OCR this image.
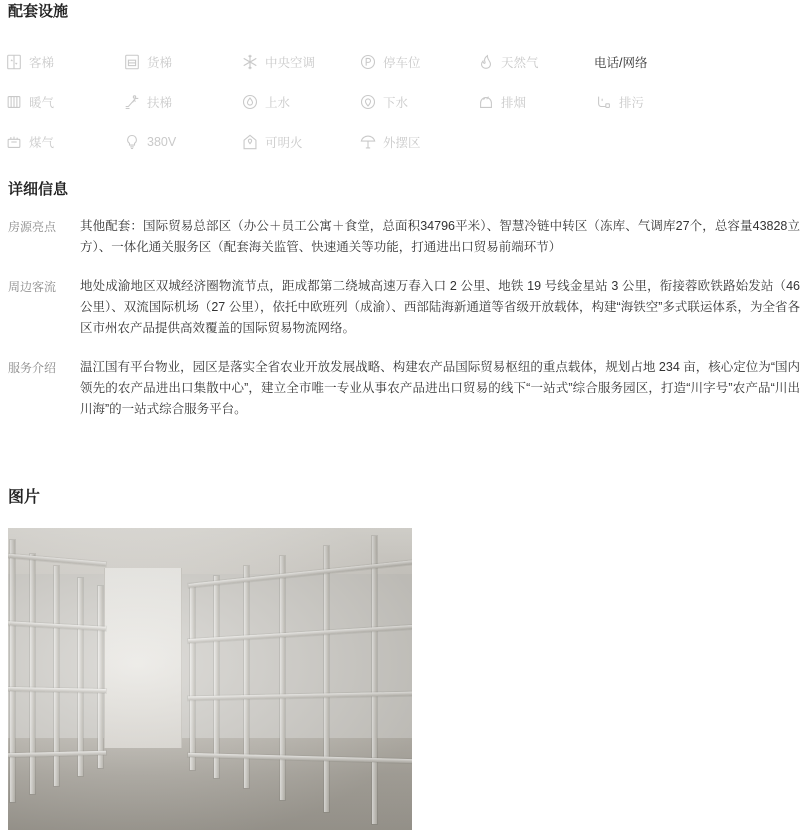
配套设施
客梯	货梯	中央空调	停车位	天然气	电话/网络
暖气	扶梯	上水	下水	排烟	排污
煤气	380V	可明火	外摆区
详细信息
房源亮点	其他配套：国际贸易总部区（办公＋员工公寓＋食堂，总面积34796平米）、智慧冷链中转区（冻库、气调库27个，总容量43828立方）、一体化通关服务区（配套海关监管、快速通关等功能，打通进出口贸易前端环节）
周边客流	地处成渝地区双城经济圈物流节点，距成都第二绕城高速万春入口 2 公里、地铁 19 号线金星站 3 公里，衔接蓉欧铁路始发站（46 公里）、双流国际机场（27 公里），依托中欧班列（成渝）、西部陆海新通道等省级开放载体，构建“海铁空”多式联运体系，为全省各区市州农产品提供高效覆盖的国际贸易物流网络。
服务介绍	温江国有平台物业，园区是落实全省农业开放发展战略、构建农产品国际贸易枢纽的重点载体，规划占地 234 亩，核心定位为“国内领先的农产品进出口集散中心”，建立全市唯一专业从事农产品进出口贸易的线下“一站式”综合服务园区，打造“川字号”农产品“川出川海”的一站式综合服务平台。
图片
